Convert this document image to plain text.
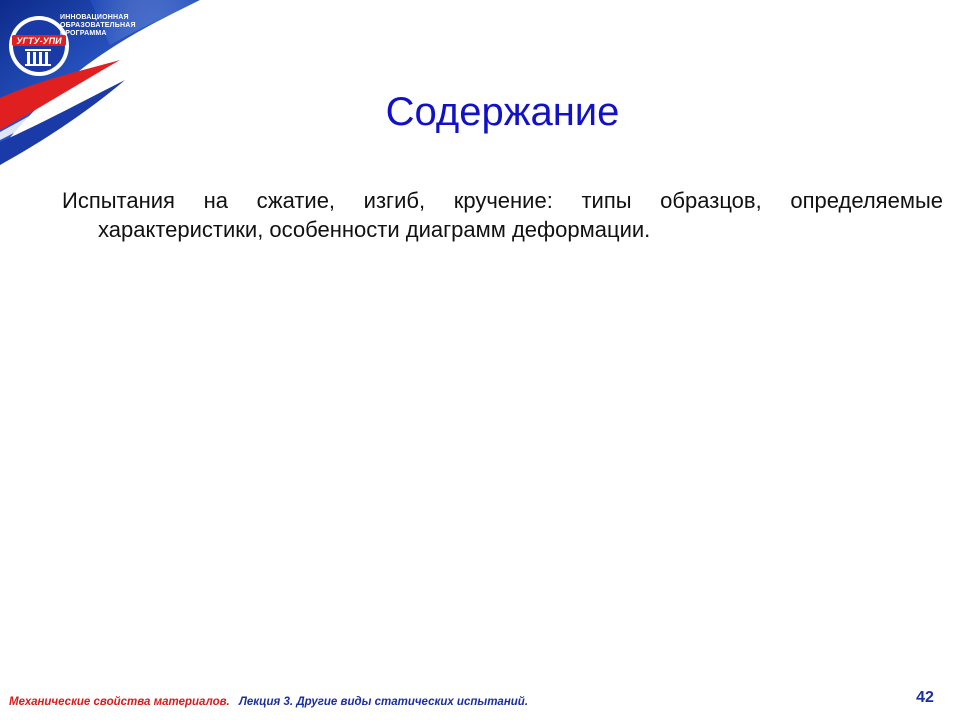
УГТУ-УПИ
ИННОВАЦИОННАЯ
ОБРАЗОВАТЕЛЬНАЯ
ПРОГРАММА
Содержание
Испытания на сжатие, изгиб, кручение: типы образцов, определяемые характеристики, особенности диаграмм деформации.
Механические свойства материалов. Лекция 3. Другие виды статических испытаний.	42
